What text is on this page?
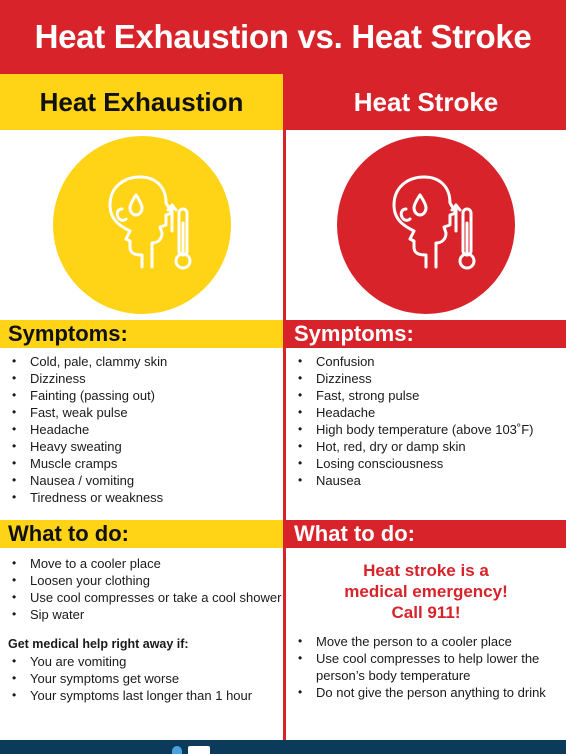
Heat Exhaustion vs. Heat Stroke
Heat Exhaustion
Symptoms:
• Cold, pale, clammy skin
• Dizziness
• Fainting (passing out)
• Fast, weak pulse
• Headache
• Heavy sweating
• Muscle cramps
• Nausea / vomiting
• Tiredness or weakness
What to do:
• Move to a cooler place
• Loosen your clothing
• Use cool compresses or take a cool shower
• Sip water
Get medical help right away if:
• You are vomiting
• Your symptoms get worse
• Your symptoms last longer than 1 hour
Heat Stroke
Symptoms:
• Confusion
• Dizziness
• Fast, strong pulse
• Headache
• High body temperature (above 103˚F)
• Hot, red, dry or damp skin
• Losing consciousness
• Nausea
What to do:
Heat stroke is a
medical emergency!
Call 911!
• Move the person to a cooler place
• Use cool compresses to help lower the person’s body temperature
• Do not give the person anything to drink
